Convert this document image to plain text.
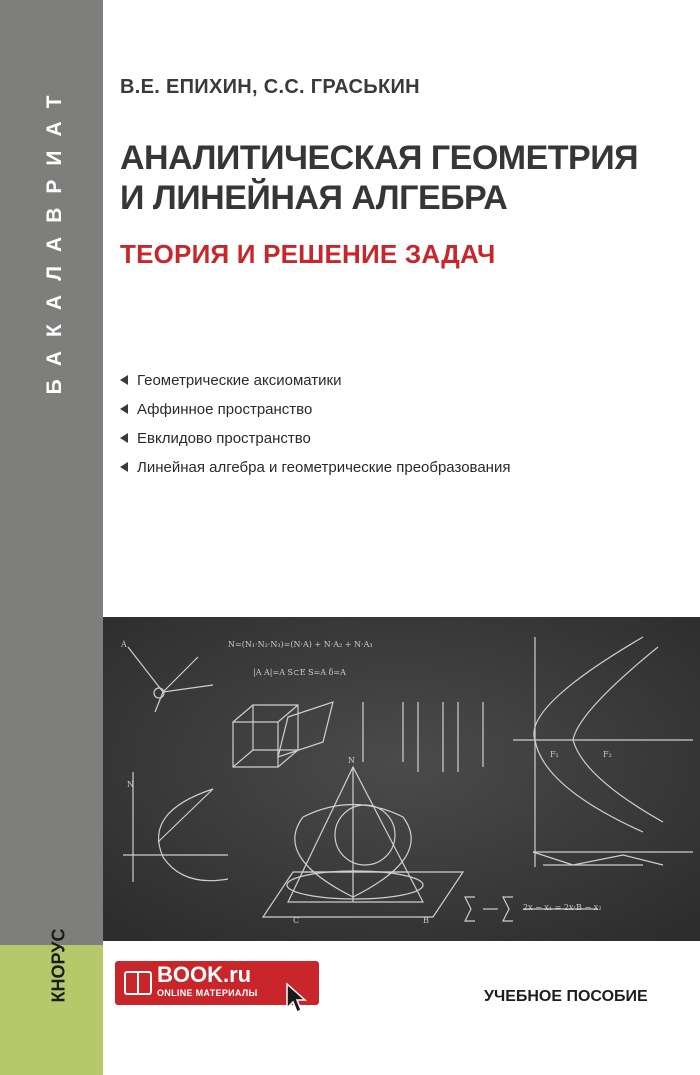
БАКАЛАВРИАТ
КНОРУС
В.Е. ЕПИХИН, С.С. ГРАСЬКИН
АНАЛИТИЧЕСКАЯ ГЕОМЕТРИЯ
И ЛИНЕЙНАЯ АЛГЕБРА
ТЕОРИЯ И РЕШЕНИЕ ЗАДАЧ
Геометрические аксиоматики
Аффинное пространство
Евклидово пространство
Линейная алгебра и геометрические преобразования
N=(N₁·N₂·N₃)=(N·A) + N·A₂ + N·A₃
|A A|=A S⊂E S=A δ=A
Ā
N
N
C	B
F₁	F₂
2x − x₁ = 2x·B − x₂
BOOK.ru
ONLINE МАТЕРИАЛЫ	УЧЕБНОЕ ПОСОБИЕ
